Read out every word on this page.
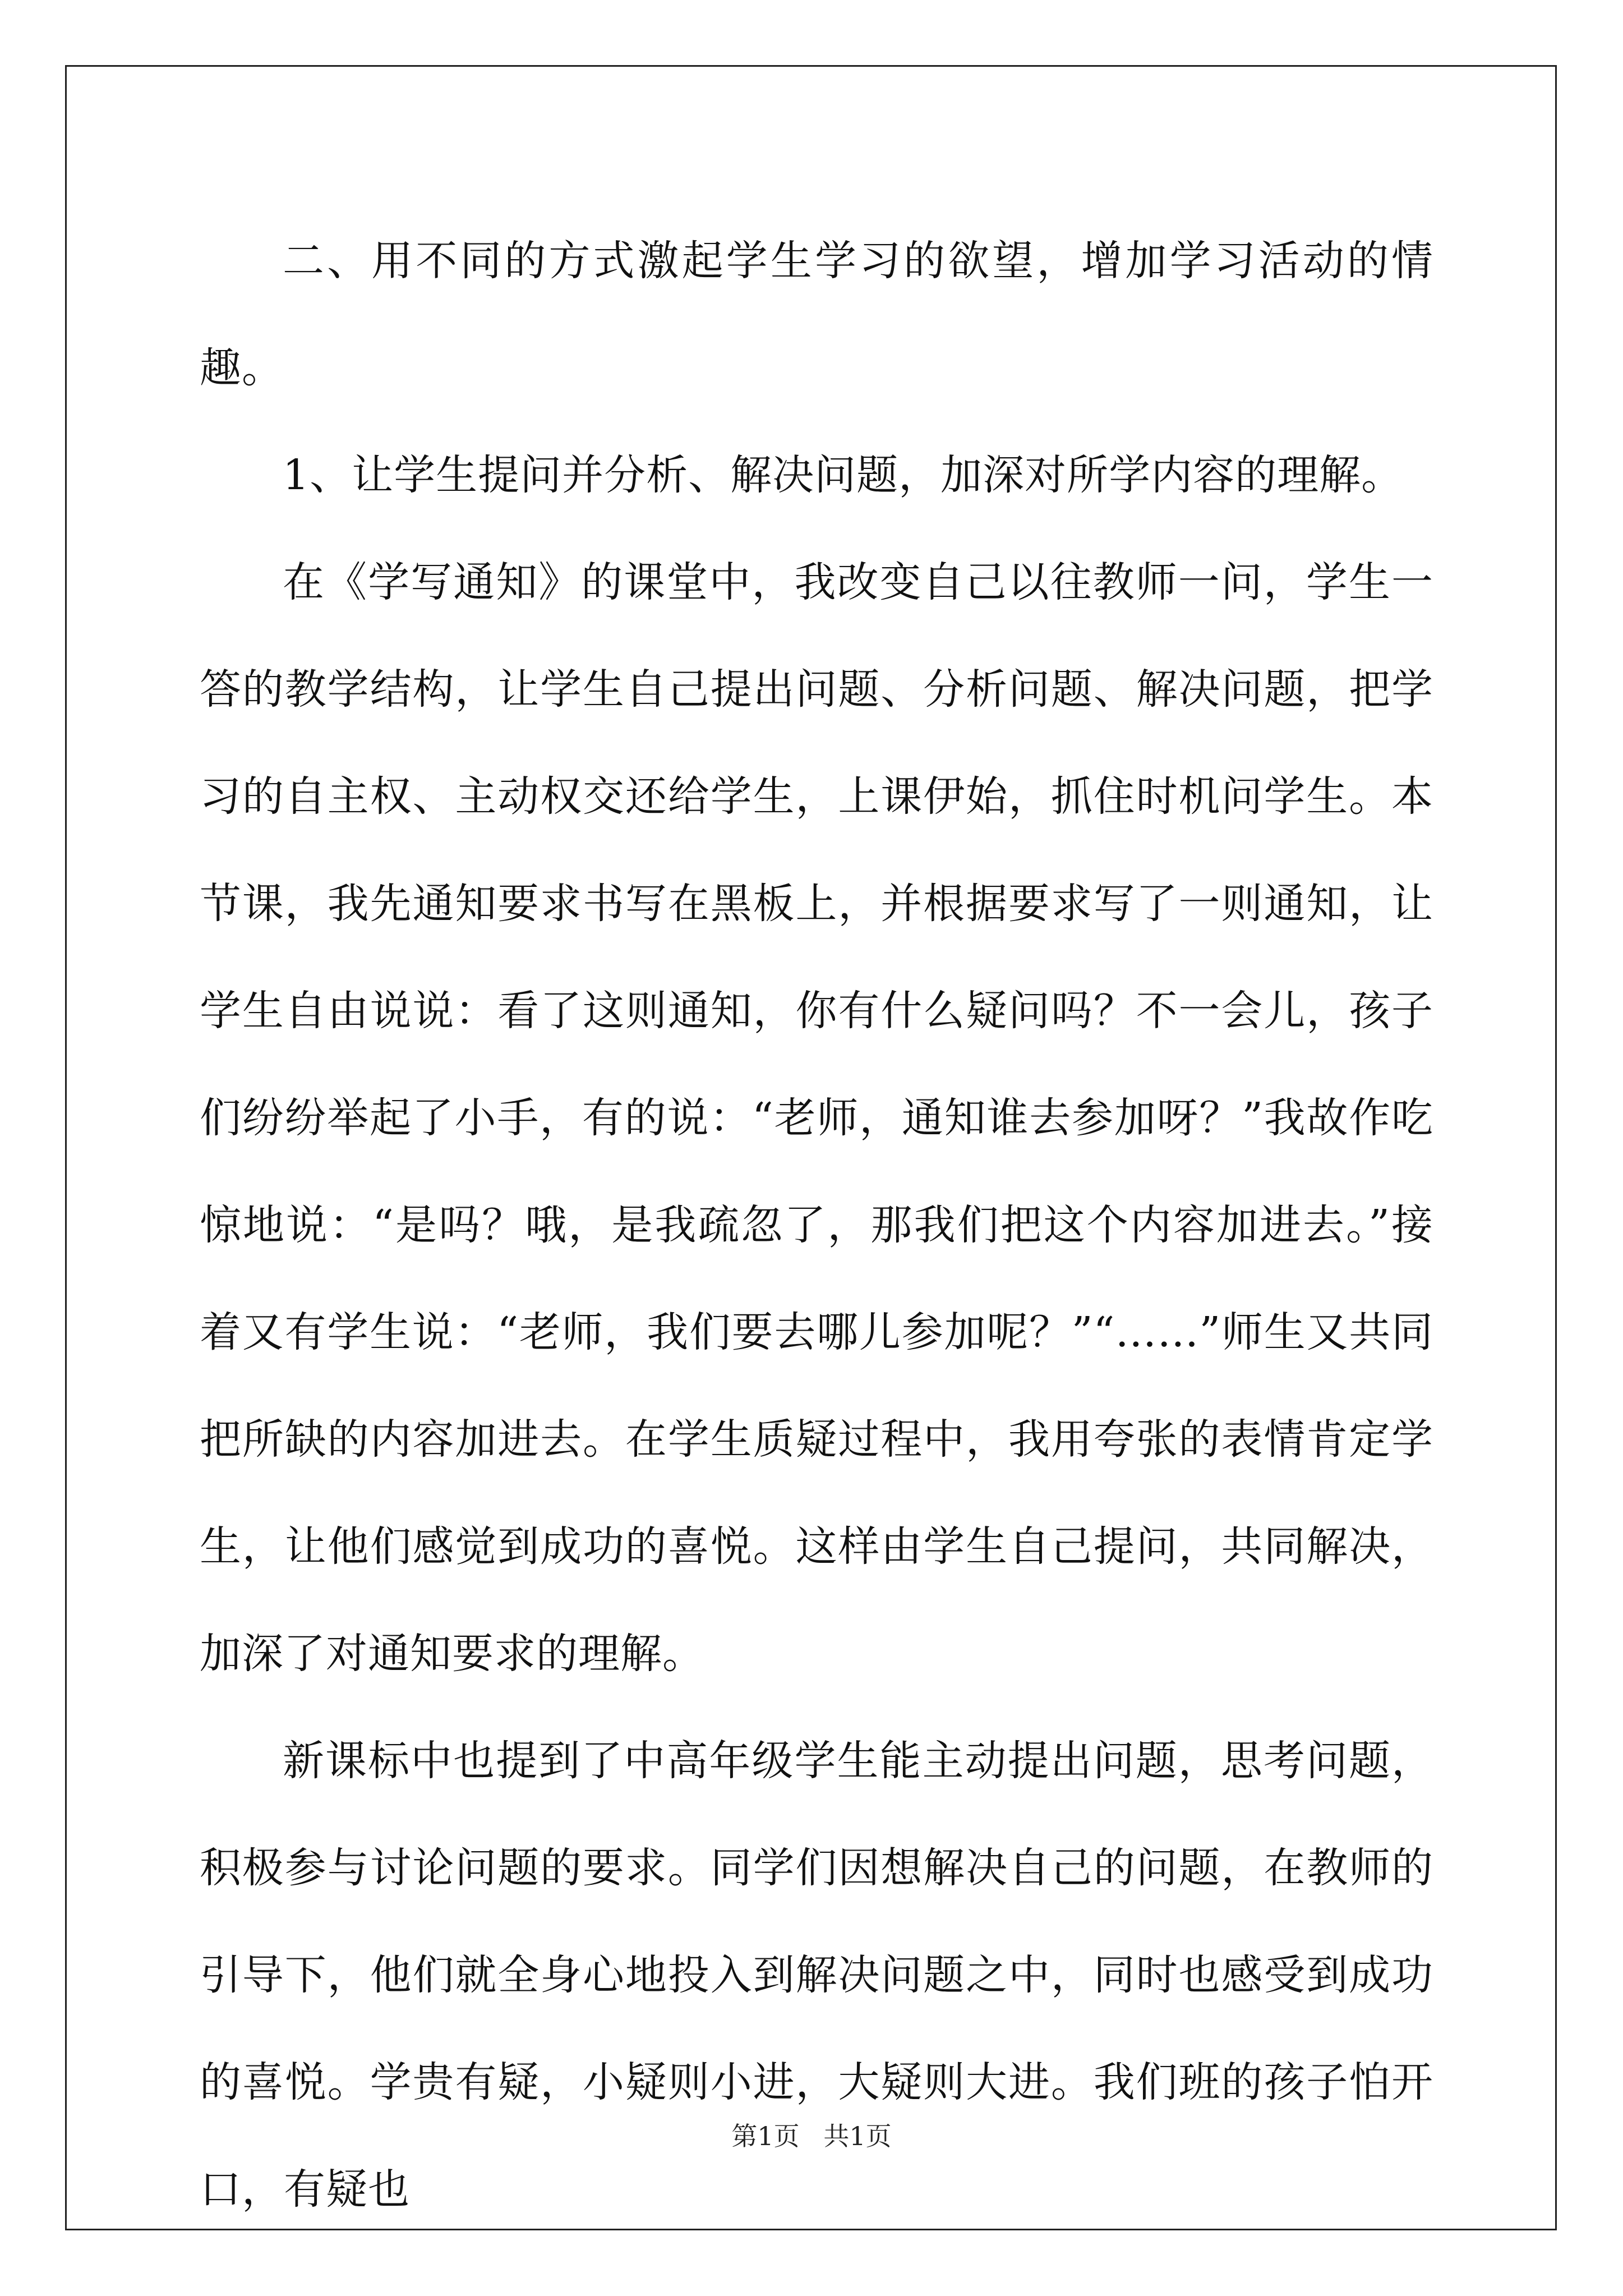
二、用不同的方式激起学生学习的欲望，增加学习活动的情趣。

1、让学生提问并分析、解决问题，加深对所学内容的理解。

在《学写通知》的课堂中，我改变自己以往教师一问，学生一答的教学结构，让学生自己提出问题、分析问题、解决问题，把学习的自主权、主动权交还给学生，上课伊始，抓住时机问学生。本节课，我先通知要求书写在黑板上，并根据要求写了一则通知，让学生自由说说：看了这则通知，你有什么疑问吗？不一会儿，孩子们纷纷举起了小手，有的说：“老师，通知谁去参加呀？”我故作吃惊地说：“是吗？哦，是我疏忽了，那我们把这个内容加进去。”接着又有学生说：“老师，我们要去哪儿参加呢？”“……”师生又共同把所缺的内容加进去。在学生质疑过程中，我用夸张的表情肯定学生，让他们感觉到成功的喜悦。这样由学生自己提问，共同解决，加深了对通知要求的理解。

新课标中也提到了中高年级学生能主动提出问题，思考问题，积极参与讨论问题的要求。同学们因想解决自己的问题，在教师的引导下，他们就全身心地投入到解决问题之中，同时也感受到成功的喜悦。学贵有疑，小疑则小进，大疑则大进。我们班的孩子怕开口，有疑也

第1页 共1页
